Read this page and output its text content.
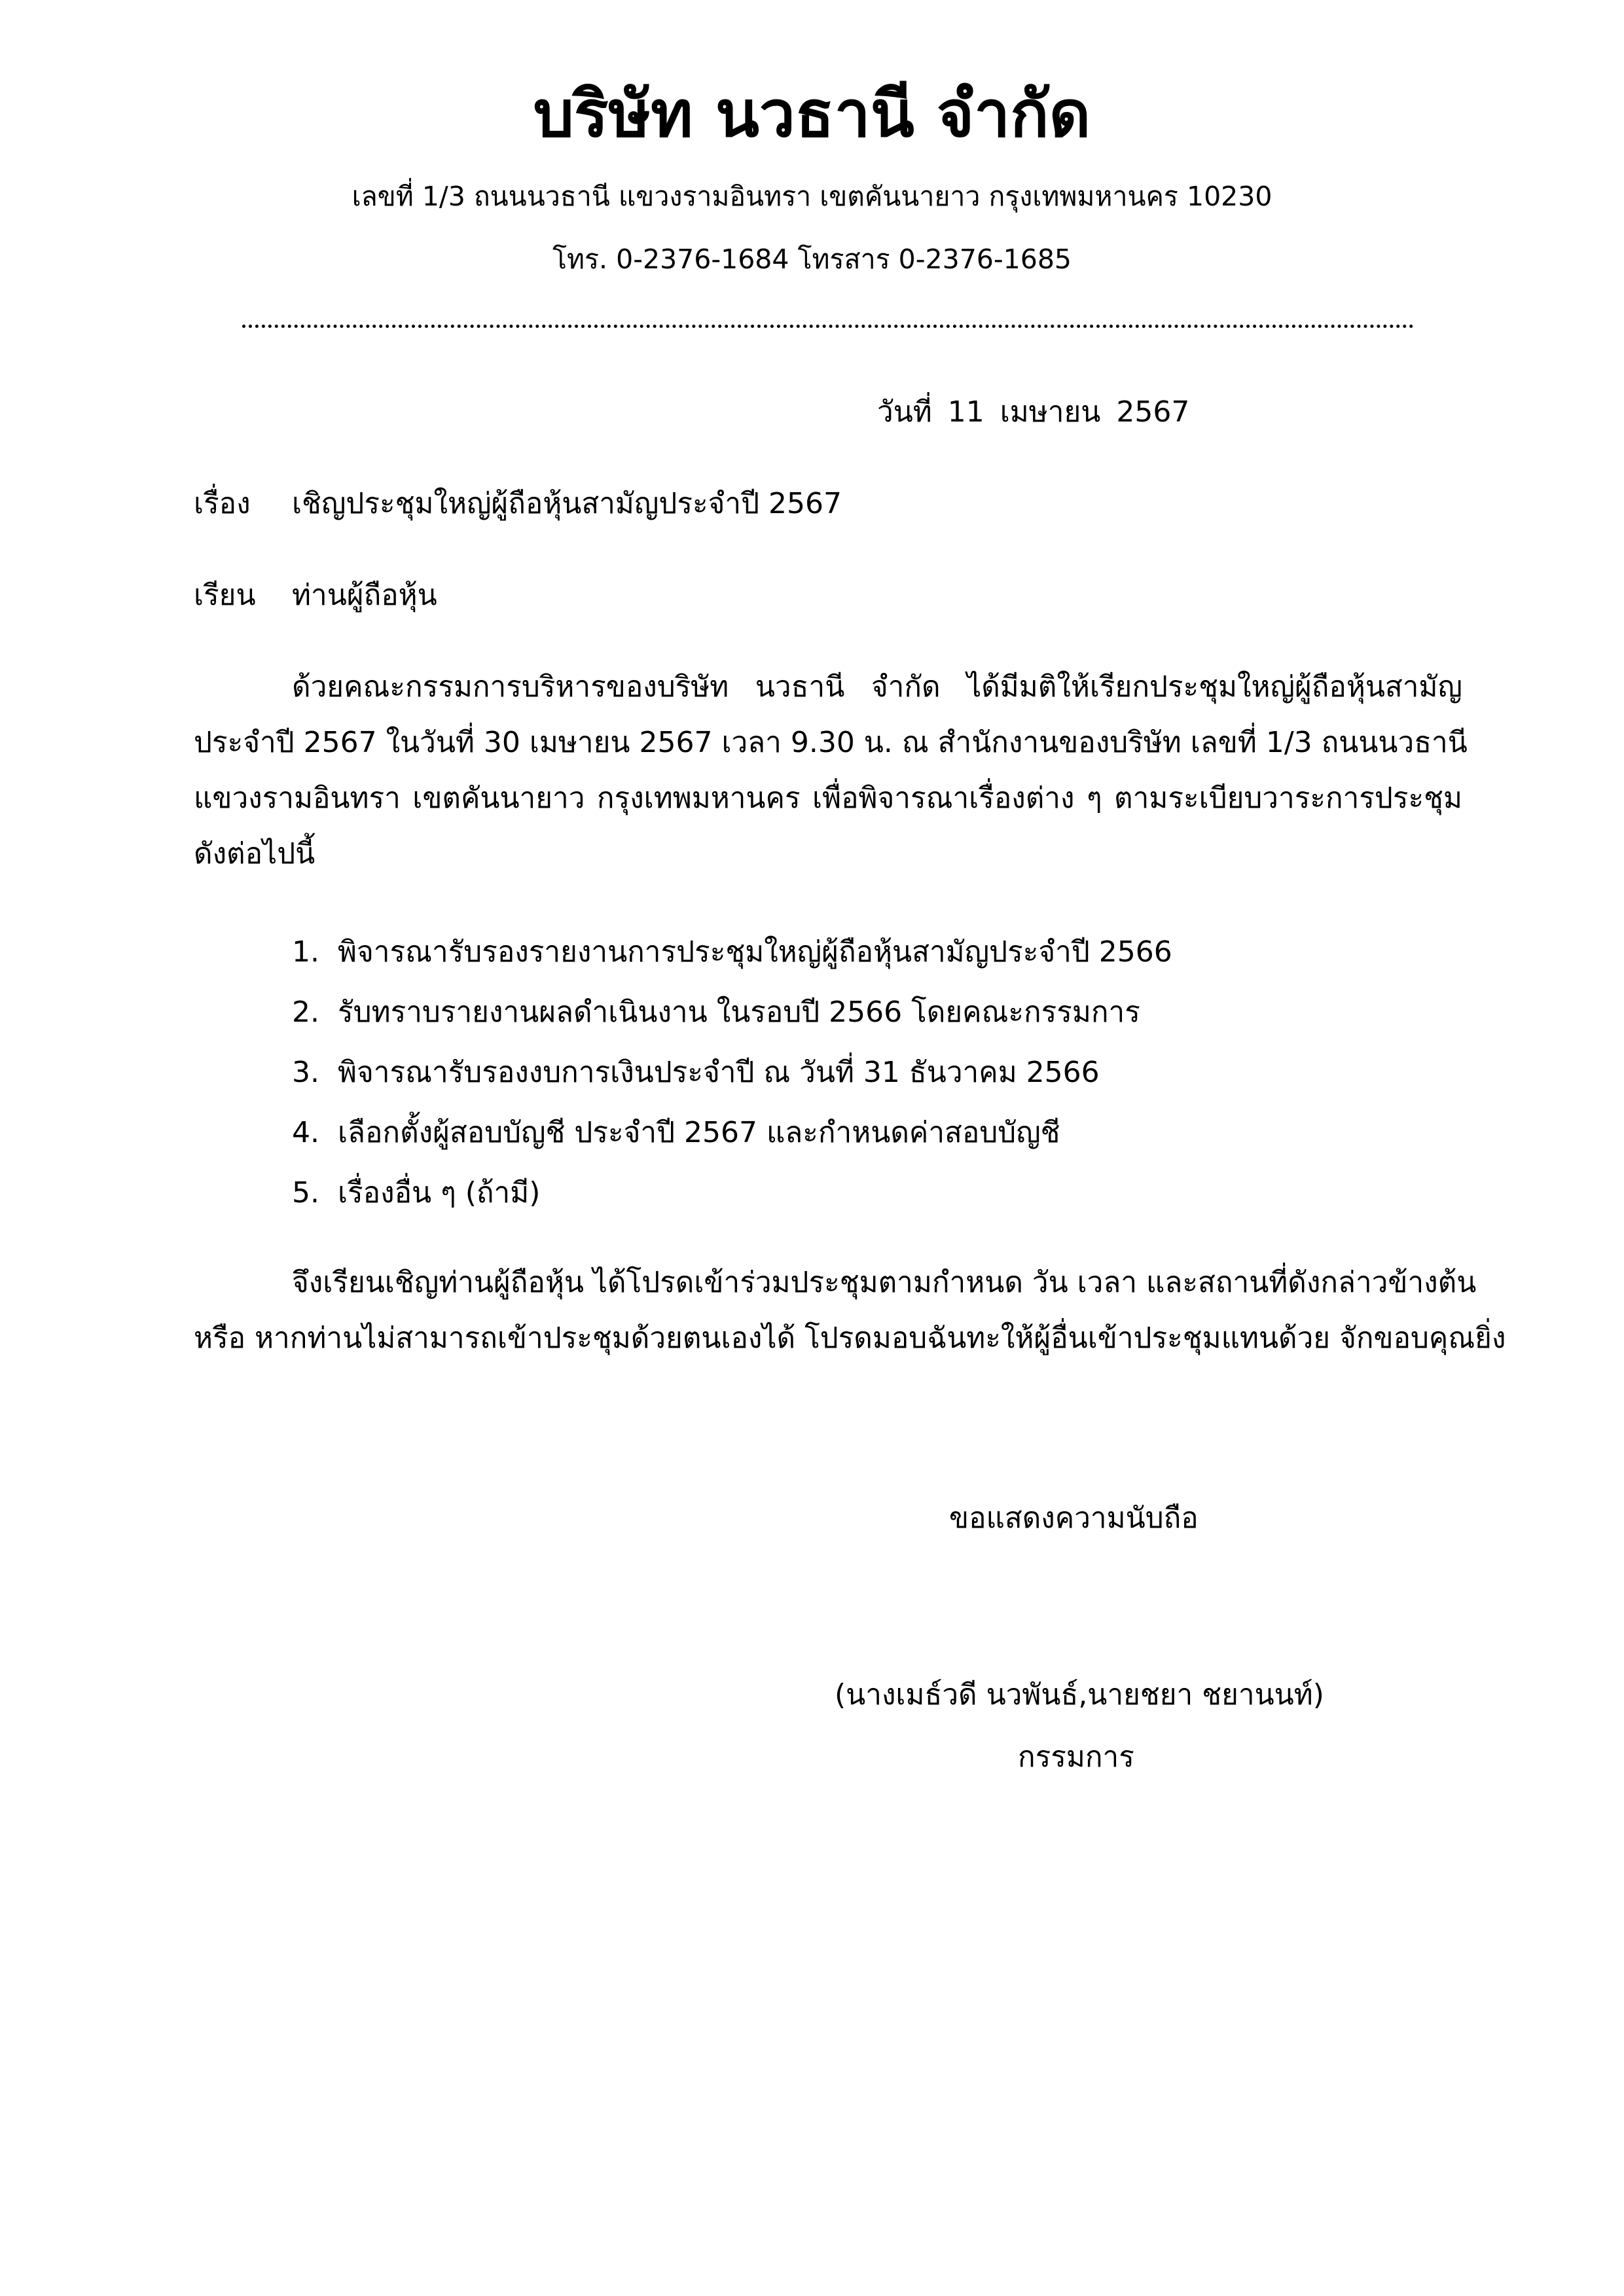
บริษัท นวธานี จำกัด
เลขที่ 1/3 ถนนนวธานี แขวงรามอินทรา เขตคันนายาว กรุงเทพมหานคร 10230
โทร. 0-2376-1684 โทรสาร 0-2376-1685
วันที่ 11 เมษายน 2567
เรื่อง เชิญประชุมใหญ่ผู้ถือหุ้นสามัญประจำปี 2567
เรียน ท่านผู้ถือหุ้น
ด้วยคณะกรรมการบริหารของบริษัท นวธานี จำกัด ได้มีมติให้เรียกประชุมใหญ่ผู้ถือหุ้นสามัญ
ประจำปี 2567 ในวันที่ 30 เมษายน 2567 เวลา 9.30 น. ณ สำนักงานของบริษัท เลขที่ 1/3 ถนนนวธานี
แขวงรามอินทรา เขตคันนายาว กรุงเทพมหานคร เพื่อพิจารณาเรื่องต่าง ๆ ตามระเบียบวาระการประชุม
ดังต่อไปนี้
1. พิจารณารับรองรายงานการประชุมใหญ่ผู้ถือหุ้นสามัญประจำปี 2566
2. รับทราบรายงานผลดำเนินงาน ในรอบปี 2566 โดยคณะกรรมการ
3. พิจารณารับรองงบการเงินประจำปี ณ วันที่ 31 ธันวาคม 2566
4. เลือกตั้งผู้สอบบัญชี ประจำปี 2567 และกำหนดค่าสอบบัญชี
5. เรื่องอื่น ๆ (ถ้ามี)
จึงเรียนเชิญท่านผู้ถือหุ้น ได้โปรดเข้าร่วมประชุมตามกำหนด วัน เวลา และสถานที่ดังกล่าวข้างต้น
หรือ หากท่านไม่สามารถเข้าประชุมด้วยตนเองได้ โปรดมอบฉันทะให้ผู้อื่นเข้าประชุมแทนด้วย จักขอบคุณยิ่ง
ขอแสดงความนับถือ
(นางเมธ์วดี นวพันธ์,นายชยา ชยานนท์)
กรรมการ
